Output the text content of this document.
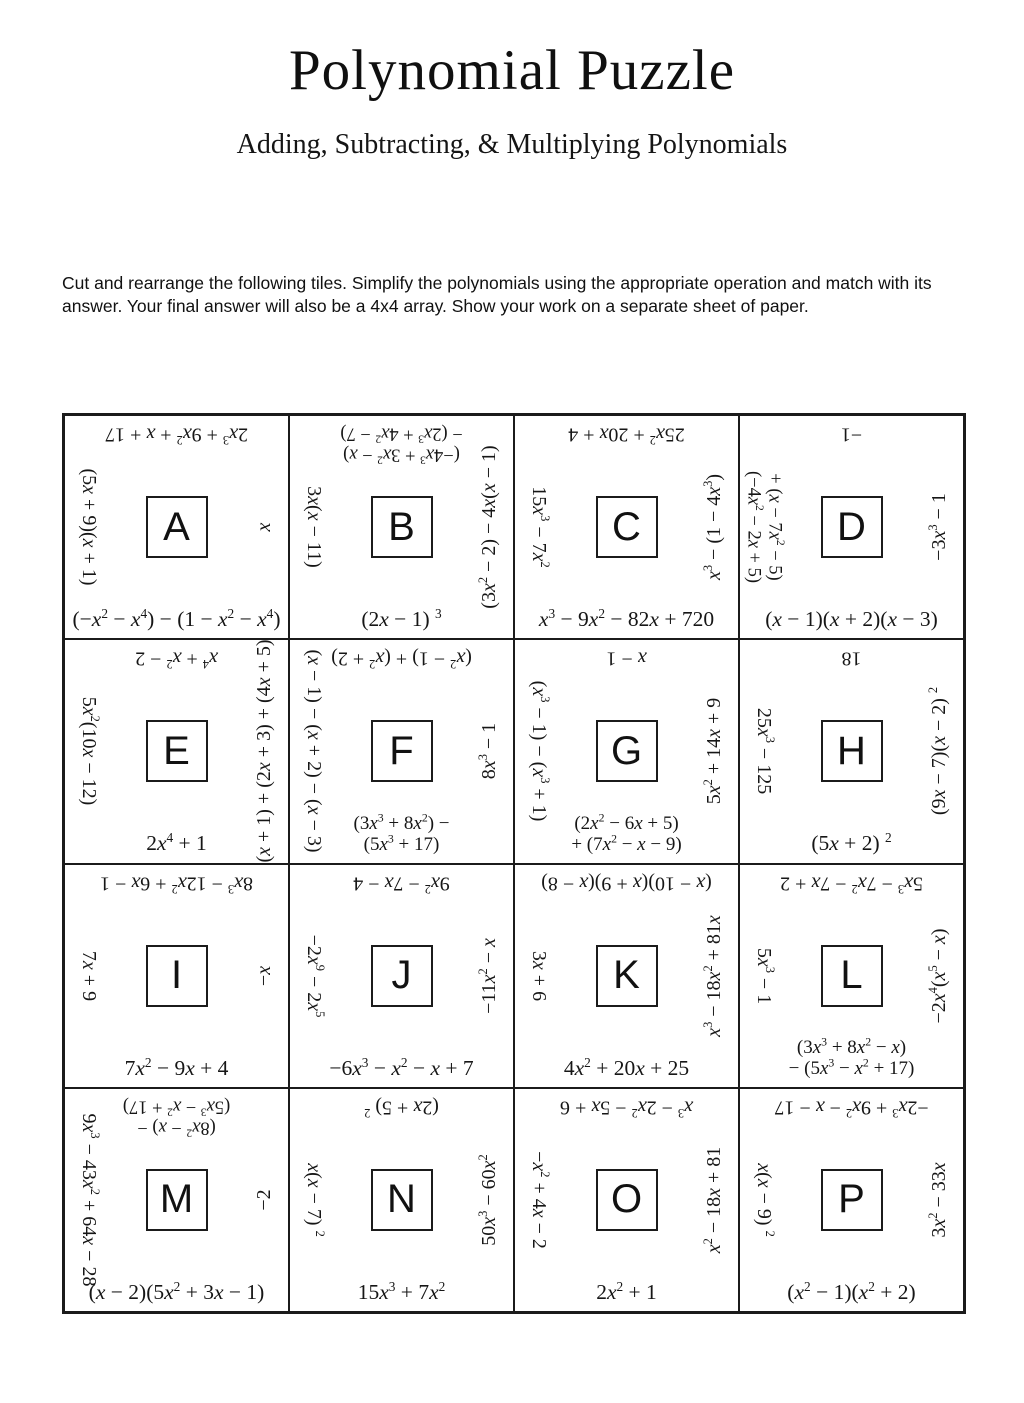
Polynomial Puzzle
Adding, Subtracting, & Multiplying Polynomials

Cut and rearrange the following tiles. Simplify the polynomials using the appropriate operation and match with its answer. Your final answer will also be a 4x4 array. Show your work on a separate sheet of paper.

$2x^3 + 9x^2 + x + 17$
(5x + 9)(x + 1)
x
$(-x^2 - x^4) - (1 - x^2 - x^4)$
A
$(-4x^3 + 3x^2 - x)$
− $(2x^3 + 4x^2 - 7)$
3x(x − 11)
$(3x^2 - 2) - 4x(x - 1)$
(2x − 1) $^3$
B
$25x^2 + 20x + 4$
$15x^3 - 7x^2$
$x^3 - (1 - 4x^3)$
$x^3 - 9x^2 - 82x + 720$
C
−1
$(-4x^2 - 2x + 5)$
+ $(x - 7x^2 - 5)$
$-3x^3 - 1$
(x − 1)(x + 2)(x − 3)
D
$x^4 + x^2 - 2$
$5x^2(10x - 12)$
(x + 1) + (2x + 3) + (4x + 5)
$2x^4 + 1$
E
$(x^2 - 1) + (x^2 + 2)$
(x − 1) − (x + 2) − (x − 3)
$8x^3 - 1$
$(3x^3 + 8x^2)$ −
$(5x^3 + 17)$
F
x − 1
$(x^3 - 1) - (x^3 + 1)$
$5x^2 + 14x + 9$
$(2x^2 - 6x + 5)$
+ $(7x^2 - x - 9)$
G
18
$25x^3 - 125$
(9x − 7)(x − 2) $^2$
(5x + 2) $^2$
H
$8x^3 - 12x^2 + 6x - 1$
7x + 9
−x
$7x^2 - 9x + 4$
I
$9x^2 - 7x - 4$
$-2x^9 - 2x^5$
$-11x^2 - x$
$-6x^3 - x^2 - x + 7$
J
(x − 10)(x + 9)(x − 8)
3x + 6
$x^3 - 18x^2 + 81x$
$4x^2 + 20x + 25$
K
$5x^3 - 7x^2 - 7x + 2$
$5x^3 - 1$
$-2x^4(x^5 - x)$
$(3x^3 + 8x^2 - x)$
− $(5x^3 - x^2 + 17)$
L
$(8x^2 - x)$ −
$(5x^3 - x^2 + 17)$
$9x^3 - 43x^2 + 64x - 28$
−2
$(x - 2)(5x^2 + 3x - 1)$
M
(2x + 5) $^2$
x(x − 7) $^2$
$50x^3 - 60x^2$
$15x^3 + 7x^2$
N
$x^3 - 2x^2 - 5x + 6$
$-x^2 + 4x - 2$	$x^2 - 18x + 81$
$2x^2 + 1$
O
$-2x^3 + 9x^2 - x - 17$
x(x − 9) $^2$	$3x^2 - 33x$
$(x^2 - 1)(x^2 + 2)$
P
